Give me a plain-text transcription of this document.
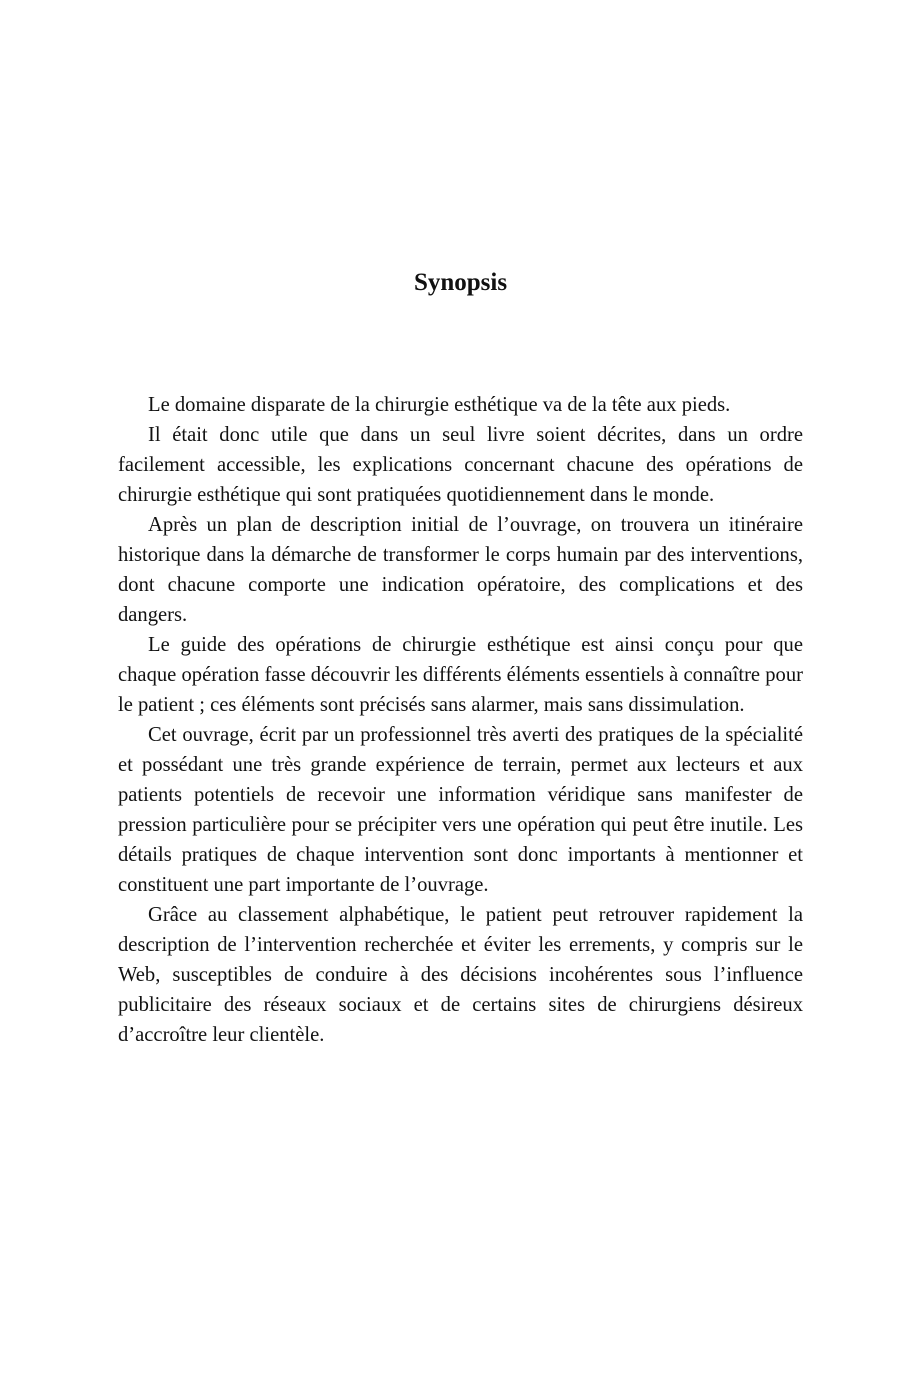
Synopsis

Le domaine disparate de la chirurgie esthétique va de la tête aux pieds.

Il était donc utile que dans un seul livre soient décrites, dans un ordre facilement accessible, les explications concernant chacune des opérations de chirurgie esthétique qui sont pratiquées quotidiennement dans le monde.

Après un plan de description initial de l’ouvrage, on trouvera un itinéraire historique dans la démarche de transformer le corps humain par des interventions, dont chacune comporte une indication opératoire, des complications et des dangers.

Le guide des opérations de chirurgie esthétique est ainsi conçu pour que chaque opération fasse découvrir les différents éléments essentiels à connaître pour le patient ; ces éléments sont précisés sans alarmer, mais sans dissimulation.

Cet ouvrage, écrit par un professionnel très averti des pratiques de la spécialité et possédant une très grande expérience de terrain, permet aux lecteurs et aux patients potentiels de recevoir une information véridique sans manifester de pression particulière pour se précipiter vers une opération qui peut être inutile. Les détails pratiques de chaque intervention sont donc importants à mentionner et constituent une part importante de l’ouvrage.

Grâce au classement alphabétique, le patient peut retrouver rapidement la description de l’intervention recherchée et éviter les errements, y compris sur le Web, susceptibles de conduire à des décisions incohérentes sous l’influence publicitaire des réseaux sociaux et de certains sites de chirurgiens désireux d’accroître leur clientèle.
